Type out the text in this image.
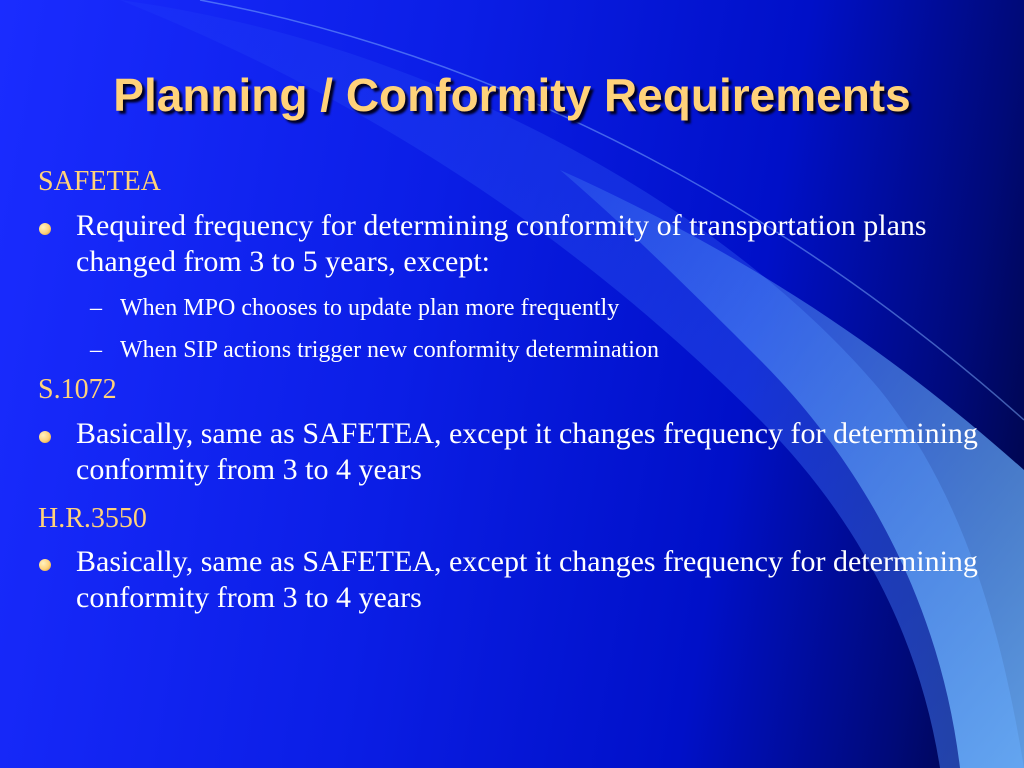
Planning / Conformity Requirements
SAFETEA
Required frequency for determining conformity of transportation plans changed from 3 to 5 years, except:
– When MPO chooses to update plan more frequently
– When SIP actions trigger new conformity determination
S.1072
Basically, same as SAFETEA, except it changes frequency for determining conformity from 3 to 4 years
H.R.3550
Basically, same as SAFETEA, except it changes frequency for determining conformity from 3 to 4 years
